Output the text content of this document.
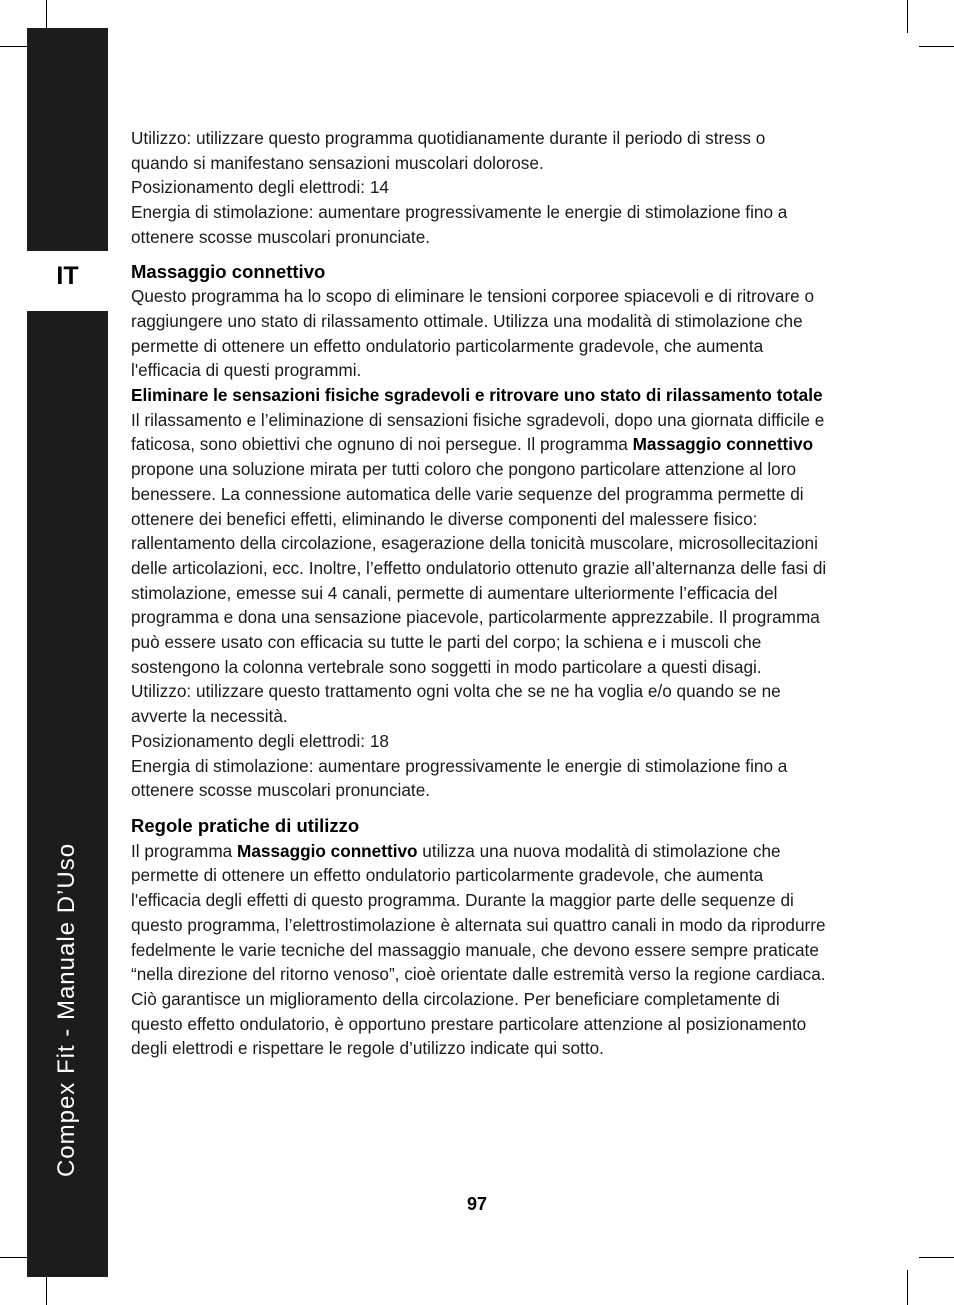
IT
Compex Fit - Manuale D’Uso

Utilizzo: utilizzare questo programma quotidianamente durante il periodo di stress o quando si manifestano sensazioni muscolari dolorose.

Posizionamento degli elettrodi: 14

Energia di stimolazione: aumentare progressivamente le energie di stimolazione fino a ottenere scosse muscolari pronunciate.

Massaggio connettivo

Questo programma ha lo scopo di eliminare le tensioni corporee spiacevoli e di ritrovare o raggiungere uno stato di rilassamento ottimale. Utilizza una modalità di stimolazione che permette di ottenere un effetto ondulatorio particolarmente gradevole, che aumenta l'efficacia di questi programmi.

Eliminare le sensazioni fisiche sgradevoli e ritrovare uno stato di rilassamento totale

Il rilassamento e l’eliminazione di sensazioni fisiche sgradevoli, dopo una giornata difficile e faticosa, sono obiettivi che ognuno di noi persegue. Il programma Massaggio connettivo propone una soluzione mirata per tutti coloro che pongono particolare attenzione al loro benessere. La connessione automatica delle varie sequenze del programma permette di ottenere dei benefici effetti, eliminando le diverse componenti del malessere fisico: rallentamento della circolazione, esagerazione della tonicità muscolare, microsollecitazioni delle articolazioni, ecc. Inoltre, l’effetto ondulatorio ottenuto grazie all’alternanza delle fasi di stimolazione, emesse sui 4 canali, permette di aumentare ulteriormente l’efficacia del programma e dona una sensazione piacevole, particolarmente apprezzabile. Il programma può essere usato con efficacia su tutte le parti del corpo; la schiena e i muscoli che sostengono la colonna vertebrale sono soggetti in modo particolare a questi disagi.

Utilizzo: utilizzare questo trattamento ogni volta che se ne ha voglia e/o quando se ne avverte la necessità.

Posizionamento degli elettrodi: 18

Energia di stimolazione: aumentare progressivamente le energie di stimolazione fino a ottenere scosse muscolari pronunciate.

Regole pratiche di utilizzo

Il programma Massaggio connettivo utilizza una nuova modalità di stimolazione che permette di ottenere un effetto ondulatorio particolarmente gradevole, che aumenta l'efficacia degli effetti di questo programma. Durante la maggior parte delle sequenze di questo programma, l’elettrostimolazione è alternata sui quattro canali in modo da riprodurre fedelmente le varie tecniche del massaggio manuale, che devono essere sempre praticate “nella direzione del ritorno venoso”, cioè orientate dalle estremità verso la regione cardiaca. Ciò garantisce un miglioramento della circolazione. Per beneficiare completamente di questo effetto ondulatorio, è opportuno prestare particolare attenzione al posizionamento degli elettrodi e rispettare le regole d’utilizzo indicate qui sotto.

97
